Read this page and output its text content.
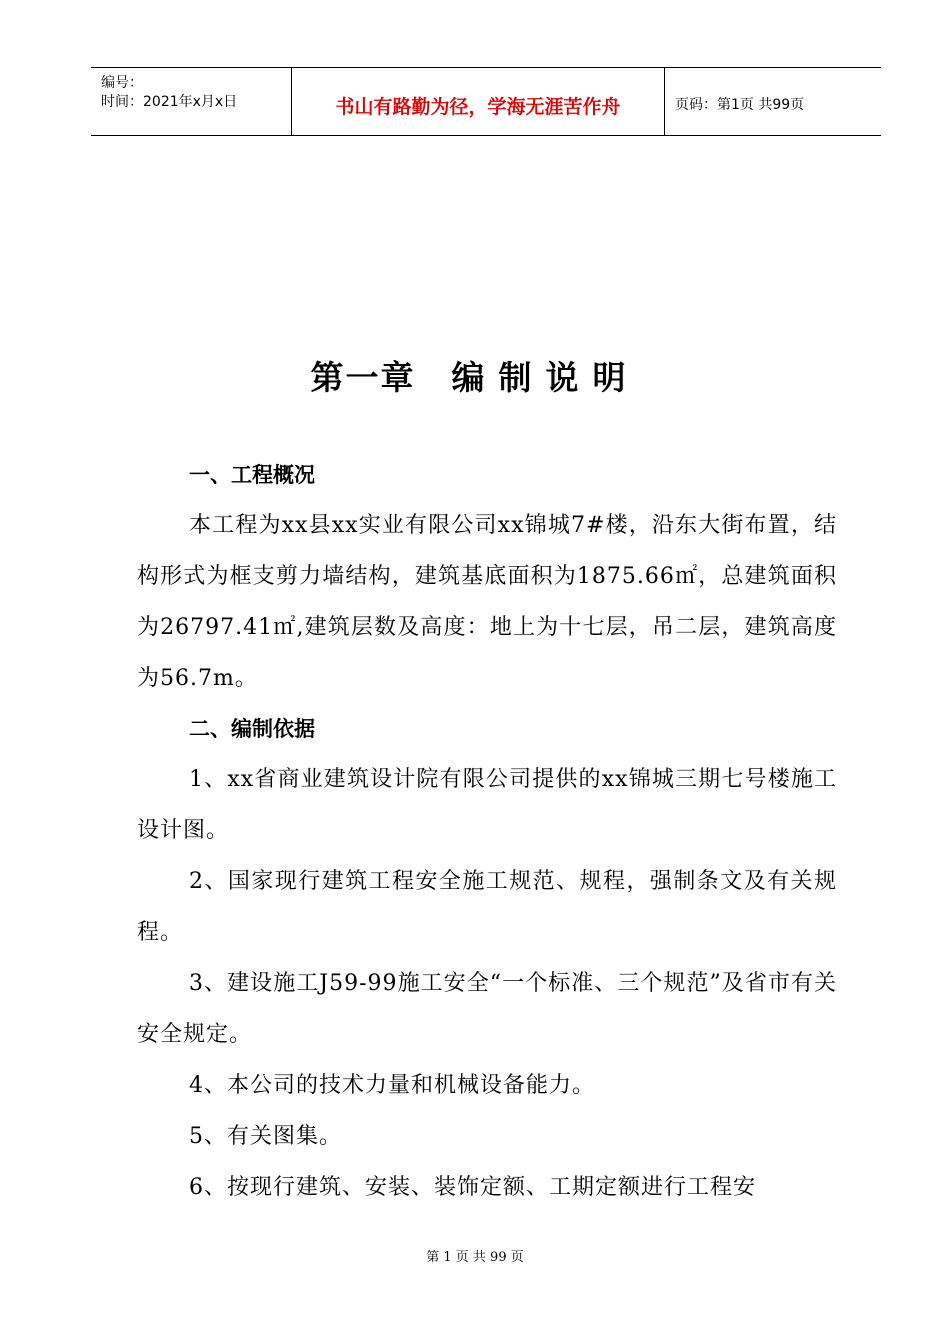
编号：
时间：2021年x月x日	书山有路勤为径，学海无涯苦作舟	页码：第1页 共99页
第一章 编制说明
一、工程概况

本工程为xx县xx实业有限公司xx锦城7#楼，沿东大街布置，结构形式为框支剪力墙结构，建筑基底面积为1875.66㎡，总建筑面积为26797.41㎡,建筑层数及高度：地上为十七层，吊二层，建筑高度为56.7m。

二、编制依据

1、xx省商业建筑设计院有限公司提供的xx锦城三期七号楼施工设计图。

2、国家现行建筑工程安全施工规范、规程，强制条文及有关规程。

3、建设施工J59-99施工安全“一个标准、三个规范”及省市有关安全规定。

4、本公司的技术力量和机械设备能力。

5、有关图集。

6、按现行建筑、安装、装饰定额、工期定额进行工程安

第 1 页 共 99 页
